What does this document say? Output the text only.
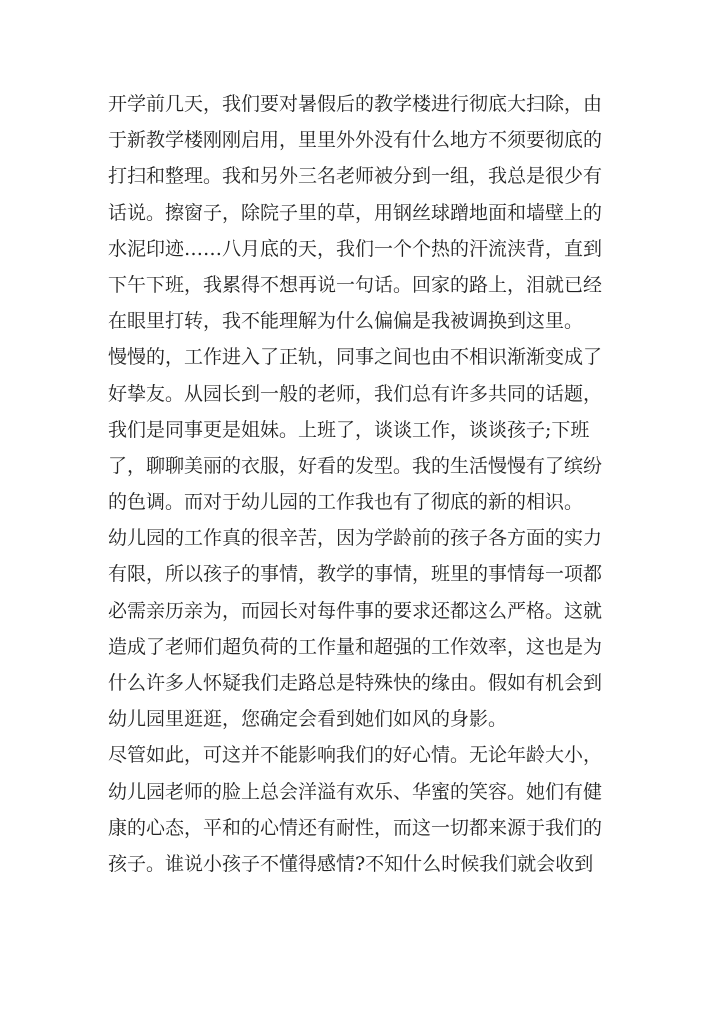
开学前几天，我们要对暑假后的教学楼进行彻底大扫除，由
于新教学楼刚刚启用，里里外外没有什么地方不须要彻底的
打扫和整理。我和另外三名老师被分到一组，我总是很少有
话说。擦窗子，除院子里的草，用钢丝球蹭地面和墙壁上的
水泥印迹……八月底的天，我们一个个热的汗流浃背，直到
下午下班，我累得不想再说一句话。回家的路上，泪就已经
在眼里打转，我不能理解为什么偏偏是我被调换到这里。
慢慢的，工作进入了正轨，同事之间也由不相识渐渐变成了
好挚友。从园长到一般的老师，我们总有许多共同的话题，
我们是同事更是姐妹。上班了，谈谈工作，谈谈孩子;下班
了，聊聊美丽的衣服，好看的发型。我的生活慢慢有了缤纷
的色调。而对于幼儿园的工作我也有了彻底的新的相识。
幼儿园的工作真的很辛苦，因为学龄前的孩子各方面的实力
有限，所以孩子的事情，教学的事情，班里的事情每一项都
必需亲历亲为，而园长对每件事的要求还都这么严格。这就
造成了老师们超负荷的工作量和超强的工作效率，这也是为
什么许多人怀疑我们走路总是特殊快的缘由。假如有机会到
幼儿园里逛逛，您确定会看到她们如风的身影。
尽管如此，可这并不能影响我们的好心情。无论年龄大小，
幼儿园老师的脸上总会洋溢有欢乐、华蜜的笑容。她们有健
康的心态，平和的心情还有耐性，而这一切都来源于我们的
孩子。谁说小孩子不懂得感情?不知什么时候我们就会收到
